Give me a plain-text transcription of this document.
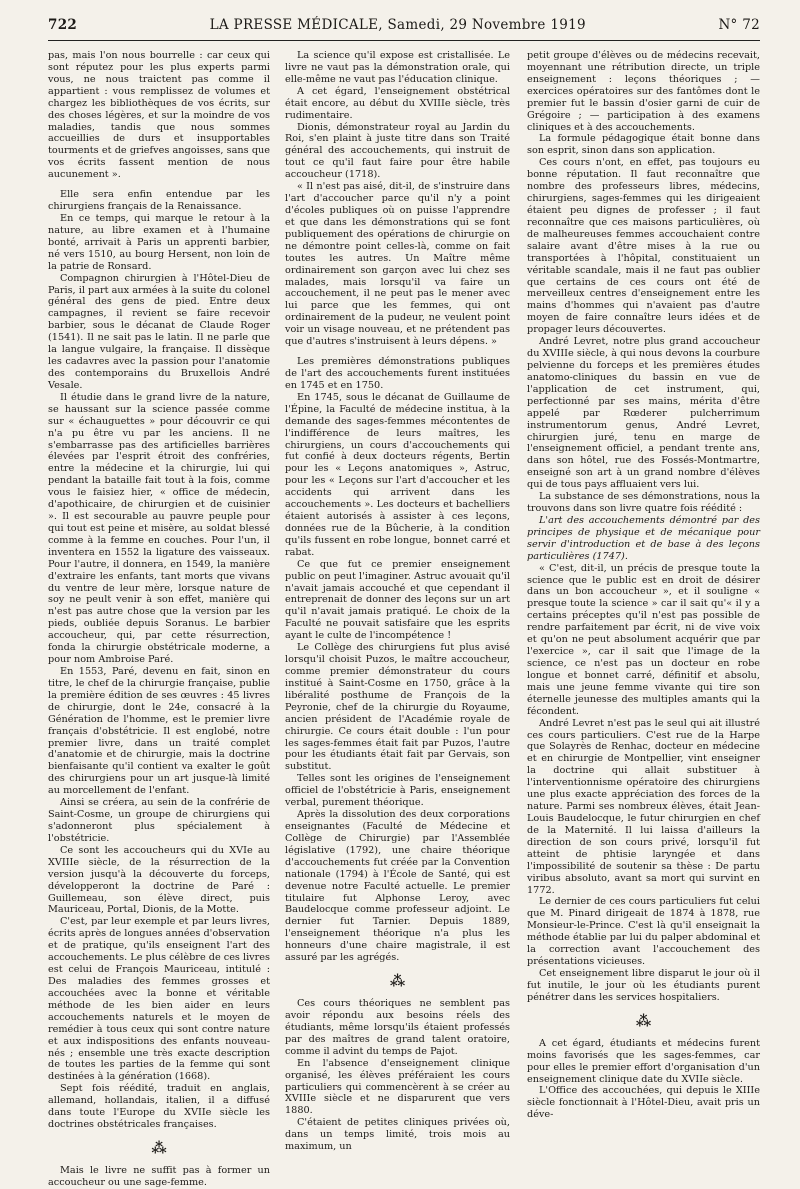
722	LA PRESSE MÉDICALE, Samedi, 29 Novembre 1919	N° 72

pas, mais l'on nous bourrelle : car ceux qui sont réputez pour les plus experts parmi vous, ne nous traictent pas comme il appartient : vous remplissez de volumes et chargez les bibliothèques de vos écrits, sur des choses légères, et sur la moindre de vos maladies, tandis que nous sommes accueillies de durs et insupportables tourments et de griefves angoisses, sans que vos écrits fassent mention de nous aucunement ».

Elle sera enfin entendue par les chirurgiens français de la Renaissance.

En ce temps, qui marque le retour à la nature, au libre examen et à l'humaine bonté, arrivait à Paris un apprenti barbier, né vers 1510, au bourg Hersent, non loin de la patrie de Ronsard.

Compagnon chirurgien à l'Hôtel-Dieu de Paris, il part aux armées à la suite du colonel général des gens de pied. Entre deux campagnes, il revient se faire recevoir barbier, sous le décanat de Claude Roger (1541). Il ne sait pas le latin. Il ne parle que la langue vulgaire, la française. Il dissèque les cadavres avec la passion pour l'anatomie des contemporains du Bruxellois André Vesale.

Il étudie dans le grand livre de la nature, se haussant sur la science passée comme sur « échauguettes » pour découvrir ce qui n'a pu être vu par les anciens. Il ne s'embarrasse pas des artificielles barrières élevées par l'esprit étroit des confréries, entre la médecine et la chirurgie, lui qui pendant la bataille fait tout à la fois, comme vous le faisiez hier, « office de médecin, d'apothicaire, de chirurgien et de cuisinier ». Il est secourable au pauvre peuple pour qui tout est peine et misère, au soldat blessé comme à la femme en couches. Pour l'un, il inventera en 1552 la ligature des vaisseaux. Pour l'autre, il donnera, en 1549, la manière d'extraire les enfants, tant morts que vivans du ventre de leur mère, lorsque nature de soy ne peult venir à son effet, manière qui n'est pas autre chose que la version par les pieds, oubliée depuis Soranus. Le barbier accoucheur, qui, par cette résurrection, fonda la chirurgie obstétricale moderne, a pour nom Ambroise Paré.

En 1553, Paré, devenu en fait, sinon en titre, le chef de la chirurgie française, publie la première édition de ses œuvres : 45 livres de chirurgie, dont le 24e, consacré à la Génération de l'homme, est le premier livre français d'obstétricie. Il est englobé, notre premier livre, dans un traité complet d'anatomie et de chirurgie, mais la doctrine bienfaisante qu'il contient va exalter le goût des chirurgiens pour un art jusque-là limité au morcellement de l'enfant.

Ainsi se créera, au sein de la confrérie de Saint-Cosme, un groupe de chirurgiens qui s'adonneront plus spécialement à l'obstétricie.

Ce sont les accoucheurs qui du XVIe au XVIIIe siècle, de la résurrection de la version jusqu'à la découverte du forceps, développeront la doctrine de Paré : Guillemeau, son élève direct, puis Mauriceau, Portal, Dionis, de la Motte.

C'est, par leur exemple et par leurs livres, écrits après de longues années d'observation et de pratique, qu'ils enseignent l'art des accouchements. Le plus célèbre de ces livres est celui de François Mauriceau, intitulé : Des maladies des femmes grosses et accouchées avec la bonne et véritable méthode de les bien aider en leurs accouchements naturels et le moyen de remédier à tous ceux qui sont contre nature et aux indispositions des enfants nouveau-nés ; ensemble une très exacte description de toutes les parties de la femme qui sont destinées à la génération (1668).

Sept fois réédité, traduit en anglais, allemand, hollandais, italien, il a diffusé dans toute l'Europe du XVIIe siècle les doctrines obstétricales françaises.

⁂

Mais le livre ne suffit pas à former un accoucheur ou une sage-femme.

La science qu'il expose est cristallisée. Le livre ne vaut pas la démonstration orale, qui elle-même ne vaut pas l'éducation clinique.

A cet égard, l'enseignement obstétrical était encore, au début du XVIIIe siècle, très rudimentaire.

Dionis, démonstrateur royal au Jardin du Roi, s'en plaint à juste titre dans son Traité général des accouchements, qui instruit de tout ce qu'il faut faire pour être habile accoucheur (1718).

« Il n'est pas aisé, dit-il, de s'instruire dans l'art d'accoucher parce qu'il n'y a point d'écoles publiques où on puisse l'apprendre et que dans les démonstrations qui se font publiquement des opérations de chirurgie on ne démontre point celles-là, comme on fait toutes les autres. Un Maître même ordinairement son garçon avec lui chez ses malades, mais lorsqu'il va faire un accouchement, il ne peut pas le mener avec lui parce que les femmes, qui ont ordinairement de la pudeur, ne veulent point voir un visage nouveau, et ne prétendent pas que d'autres s'instruisent à leurs dépens. »

Les premières démonstrations publiques de l'art des accouchements furent instituées en 1745 et en 1750.

En 1745, sous le décanat de Guillaume de l'Épine, la Faculté de médecine institua, à la demande des sages-femmes mécontentes de l'indifférence de leurs maîtres, les chirurgiens, un cours d'accouchements qui fut confié à deux docteurs régents, Bertin pour les « Leçons anatomiques », Astruc, pour les « Leçons sur l'art d'accoucher et les accidents qui arrivent dans les accouchements ». Les docteurs et bachelliers étaient autorisés à assister à ces leçons, données rue de la Bûcherie, à la condition qu'ils fussent en robe longue, bonnet carré et rabat.

Ce que fut ce premier enseignement public on peut l'imaginer. Astruc avouait qu'il n'avait jamais accouché et que cependant il entreprenait de donner des leçons sur un art qu'il n'avait jamais pratiqué. Le choix de la Faculté ne pouvait satisfaire que les esprits ayant le culte de l'incompétence !

Le Collège des chirurgiens fut plus avisé lorsqu'il choisit Puzos, le maître accoucheur, comme premier démonstrateur du cours institué à Saint-Cosme en 1750, grâce à la libéralité posthume de François de la Peyronie, chef de la chirurgie du Royaume, ancien président de l'Académie royale de chirurgie. Ce cours était double : l'un pour les sages-femmes était fait par Puzos, l'autre pour les étudiants était fait par Gervais, son substitut.

Telles sont les origines de l'enseignement officiel de l'obstétricie à Paris, enseignement verbal, purement théorique.

Après la dissolution des deux corporations enseignantes (Faculté de Médecine et Collège de Chirurgie) par l'Assemblée législative (1792), une chaire théorique d'accouchements fut créée par la Convention nationale (1794) à l'École de Santé, qui est devenue notre Faculté actuelle. Le premier titulaire fut Alphonse Leroy, avec Baudelocque comme professeur adjoint. Le dernier fut Tarnier. Depuis 1889, l'enseignement théorique n'a plus les honneurs d'une chaire magistrale, il est assuré par les agrégés.

⁂

Ces cours théoriques ne semblent pas avoir répondu aux besoins réels des étudiants, même lorsqu'ils étaient professés par des maîtres de grand talent oratoire, comme il advint du temps de Pajot.

En l'absence d'enseignement clinique organisé, les élèves préféraient les cours particuliers qui commencèrent à se créer au XVIIIe siècle et ne disparurent que vers 1880.

C'étaient de petites cliniques privées où, dans un temps limité, trois mois au maximum, un

petit groupe d'élèves ou de médecins recevait, moyennant une rétribution directe, un triple enseignement : leçons théoriques ; — exercices opératoires sur des fantômes dont le premier fut le bassin d'osier garni de cuir de Grégoire ; — participation à des examens cliniques et à des accouchements.

La formule pédagogique était bonne dans son esprit, sinon dans son application.

Ces cours n'ont, en effet, pas toujours eu bonne réputation. Il faut reconnaître que nombre des professeurs libres, médecins, chirurgiens, sages-femmes qui les dirigeaient étaient peu dignes de professer ; il faut reconnaître que ces maisons particulières, où de malheureuses femmes accouchaient contre salaire avant d'être mises à la rue ou transportées à l'hôpital, constituaient un véritable scandale, mais il ne faut pas oublier que certains de ces cours ont été de merveilleux centres d'enseignement entre les mains d'hommes qui n'avaient pas d'autre moyen de faire connaître leurs idées et de propager leurs découvertes.

André Levret, notre plus grand accoucheur du XVIIIe siècle, à qui nous devons la courbure pelvienne du forceps et les premières études anatomo-cliniques du bassin en vue de l'application de cet instrument, qui, perfectionné par ses mains, mérita d'être appelé par Rœderer pulcherrimum instrumentorum genus, André Levret, chirurgien juré, tenu en marge de l'enseignement officiel, a pendant trente ans, dans son hôtel, rue des Fossés-Montmartre, enseigné son art à un grand nombre d'élèves qui de tous pays affluaient vers lui.

La substance de ses démonstrations, nous la trouvons dans son livre quatre fois réédité :

L'art des accouchements démontré par des principes de physique et de mécanique pour servir d'introduction et de base à des leçons particulières (1747).

« C'est, dit-il, un précis de presque toute la science que le public est en droit de désirer dans un bon accoucheur », et il souligne « presque toute la science » car il sait qu'« il y a certains préceptes qu'il n'est pas possible de rendre parfaitement par écrit, ni de vive voix et qu'on ne peut absolument acquérir que par l'exercice », car il sait que l'image de la science, ce n'est pas un docteur en robe longue et bonnet carré, définitif et absolu, mais une jeune femme vivante qui tire son éternelle jeunesse des multiples amants qui la fécondent.

André Levret n'est pas le seul qui ait illustré ces cours particuliers. C'est rue de la Harpe que Solayrès de Renhac, docteur en médecine et en chirurgie de Montpellier, vint enseigner la doctrine qui allait substituer à l'interventionnisme opératoire des chirurgiens une plus exacte appréciation des forces de la nature. Parmi ses nombreux élèves, était Jean-Louis Baudelocque, le futur chirurgien en chef de la Maternité. Il lui laissa d'ailleurs la direction de son cours privé, lorsqu'il fut atteint de phtisie laryngée et dans l'impossibilité de soutenir sa thèse : De partu viribus absolutо, avant sa mort qui survint en 1772.

Le dernier de ces cours particuliers fut celui que M. Pinard dirigeait de 1874 à 1878, rue Monsieur-le-Prince. C'est là qu'il enseignait la méthode établie par lui du palper abdominal et la correction avant l'accouchement des présentations vicieuses.

Cet enseignement libre disparut le jour où il fut inutile, le jour où les étudiants purent pénétrer dans les services hospitaliers.

⁂

A cet égard, étudiants et médecins furent moins favorisés que les sages-femmes, car pour elles le premier effort d'organisation d'un enseignement clinique date du XVIIe siècle.

L'Office des accouchées, qui depuis le XIIIe siècle fonctionnait à l'Hôtel-Dieu, avait pris un déve-
